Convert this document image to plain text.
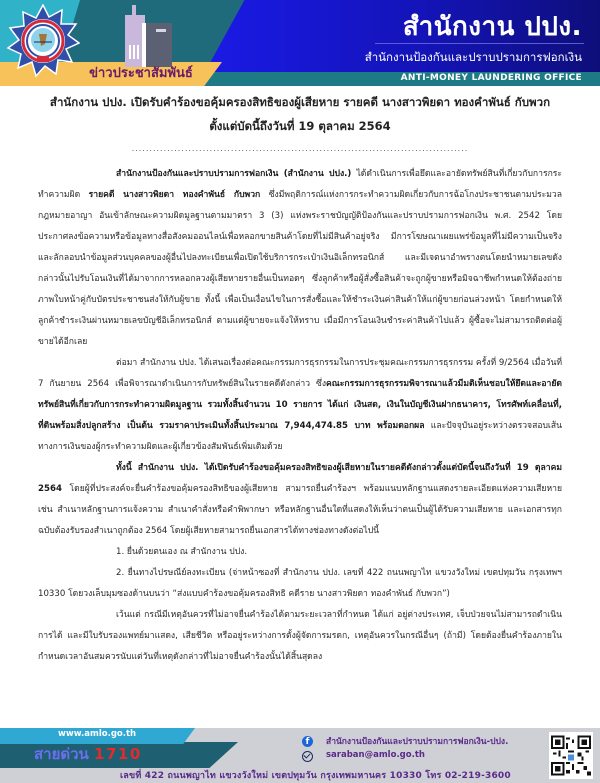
ข่าวประชาสัมพันธ์
สำนักงาน ปปง.
สำนักงานป้องกันและปราบปรามการฟอกเงิน
ANTI-MONEY LAUNDERING OFFICE
สำนักงาน ปปง. เปิดรับคำร้องขอคุ้มครองสิทธิของผู้เสียหาย รายคดี นางสาวพิยดา ทองคำพันธ์ กับพวก
ตั้งแต่บัดนี้ถึงวันที่ 19 ตุลาคม 2564
...............................................................................................

สำนักงานป้องกันและปราบปรามการฟอกเงิน (สำนักงาน ปปง.) ได้ดำเนินการเพื่อยึดและอายัดทรัพย์สินที่เกี่ยวกับการกระทำความผิด รายคดี นางสาวพิยดา ทองคำพันธ์ กับพวก ซึ่งมีพฤติการณ์แห่งการกระทำความผิดเกี่ยวกับการฉ้อโกงประชาชนตามประมวลกฎหมายอาญา อันเข้าลักษณะความผิดมูลฐานตามมาตรา 3 (3) แห่งพระราชบัญญัติป้องกันและปราบปรามการฟอกเงิน พ.ศ. 2542 โดยประกาศลงข้อความหรือข้อมูลทางสื่อสังคมออนไลน์เพื่อหลอกขายสินค้าโดยที่ไม่มีสินค้าอยู่จริง มีการโฆษณาเผยแพร่ข้อมูลที่ไม่มีความเป็นจริง และลักลอบนำข้อมูลส่วนบุคคลของผู้อื่นไปลงทะเบียนเพื่อเปิดใช้บริการกระเป๋าเงินอิเล็กทรอนิกส์ และมีเจตนาอำพรางตนโดยนำหมายเลขดังกล่าวนั้นไปรับโอนเงินที่ได้มาจากการหลอกลวงผู้เสียหายรายอื่นเป็นทอดๆ ซึ่งลูกค้าหรือผู้สั่งซื้อสินค้าจะถูกผู้ขายหรือมิจฉาชีพกำหนดให้ต้องถ่ายภาพใบหน้าคู่กับบัตรประชาชนส่งให้กับผู้ขาย ทั้งนี้ เพื่อเป็นเงื่อนไขในการสั่งซื้อและให้ชำระเงินค่าสินค้าให้แก่ผู้ขายก่อนล่วงหน้า โดยกำหนดให้ลูกค้าชำระเงินผ่านหมายเลขบัญชีอิเล็กทรอนิกส์ ตามแต่ผู้ขายจะแจ้งให้ทราบ เมื่อมีการโอนเงินชำระค่าสินค้าไปแล้ว ผู้ซื้อจะไม่สามารถติดต่อผู้ขายได้อีกเลย

ต่อมา สำนักงาน ปปง. ได้เสนอเรื่องต่อคณะกรรมการธุรกรรมในการประชุมคณะกรรมการธุรกรรม ครั้งที่ 9/2564 เมื่อวันที่ 7 กันยายน 2564 เพื่อพิจารณาดำเนินการกับทรัพย์สินในรายคดีดังกล่าว ซึ่งคณะกรรมการธุรกรรมพิจารณาแล้วมีมติเห็นชอบให้ยึดและอายัดทรัพย์สินที่เกี่ยวกับการกระทำความผิดมูลฐาน รวมทั้งสิ้นจำนวน 10 รายการ ได้แก่ เงินสด, เงินในบัญชีเงินฝากธนาคาร, โทรศัพท์เคลื่อนที่, ที่ดินพร้อมสิ่งปลูกสร้าง เป็นต้น รวมราคาประเมินทั้งสิ้นประมาณ 7,944,474.85 บาท พร้อมดอกผล และปัจจุบันอยู่ระหว่างตรวจสอบเส้นทางการเงินของผู้กระทำความผิดและผู้เกี่ยวข้องสัมพันธ์เพิ่มเติมด้วย

ทั้งนี้ สำนักงาน ปปง. ได้เปิดรับคำร้องขอคุ้มครองสิทธิของผู้เสียหายในรายคดีดังกล่าวตั้งแต่บัดนี้จนถึงวันที่ 19 ตุลาคม 2564 โดยผู้ที่ประสงค์จะยื่นคำร้องขอคุ้มครองสิทธิของผู้เสียหาย สามารถยื่นคำร้องฯ พร้อมแนบหลักฐานแสดงรายละเอียดแห่งความเสียหาย เช่น สำเนาหลักฐานการแจ้งความ สำเนาคำสั่งหรือคำพิพากษา หรือหลักฐานอื่นใดที่แสดงให้เห็นว่าตนเป็นผู้ได้รับความเสียหาย และเอกสารทุกฉบับต้องรับรองสำเนาถูกต้อง 2564 โดยผู้เสียหายสามารถยื่นเอกสารได้ทางช่องทางดังต่อไปนี้

1. ยื่นด้วยตนเอง ณ สำนักงาน ปปง.

2. ยื่นทางไปรษณีย์ลงทะเบียน (จ่าหน้าซองที่ สำนักงาน ปปง. เลขที่ 422 ถนนพญาไท แขวงวังใหม่ เขตปทุมวัน กรุงเทพฯ 10330 โดยวงเล็บมุมซองด้านบนว่า “ส่งแบบคำร้องขอคุ้มครองสิทธิ คดีราย นางสาวพิยดา ทองคำพันธ์ กับพวก”)

เว้นแต่ กรณีมีเหตุอันควรที่ไม่อาจยื่นคำร้องได้ตามระยะเวลาที่กำหนด ได้แก่ อยู่ต่างประเทศ, เจ็บป่วยจนไม่สามารถดำเนินการได้ และมีใบรับรองแพทย์มาแสดง, เสียชีวิต หรืออยู่ระหว่างการตั้งผู้จัดการมรดก, เหตุอันควรในกรณีอื่นๆ (ถ้ามี) โดยต้องยื่นคำร้องภายในกำหนดเวลาอันสมควรนับแต่วันที่เหตุดังกล่าวที่ไม่อาจยื่นคำร้องนั้นได้สิ้นสุดลง

www.amlo.go.th
สายด่วน 1710
f	สำนักงานป้องกันและปราบปรามการฟอกเงิน-ปปง.
saraban@amlo.go.th
เลขที่ 422 ถนนพญาไท แขวงวังใหม่ เขตปทุมวัน กรุงเทพมหานคร 10330 โทร 02-219-3600
